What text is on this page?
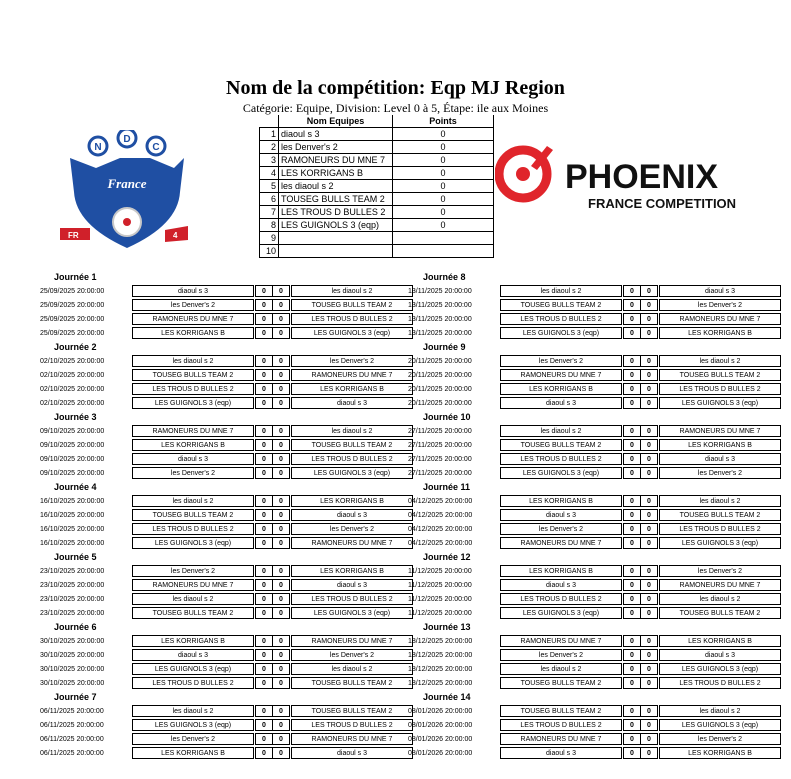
Nom de la compétition: Eqp MJ Region
Catégorie: Equipe, Division: Level 0 à 5, Étape: ile aux Moines
N
D
C
France
FR	4
PHOENIX
FRANCE COMPETITION
	Nom Equipes	Points
1	diaoul s 3	0
2	les Denver's 2	0
3	RAMONEURS DU MNE 7	0
4	LES KORRIGANS B	0
5	les diaoul s 2	0
6	TOUSEG BULLS TEAM 2	0
7	LES TROUS D BULLES 2	0
8	LES GUIGNOLS 3 (eqp)	0
9		
10		
Journée 1
25/09/2025 20:00:00	diaoul s 3	0	0	les diaoul s 2
25/09/2025 20:00:00	les Denver's 2	0	0	TOUSEG BULLS TEAM 2
25/09/2025 20:00:00	RAMONEURS DU MNE 7	0	0	LES TROUS D BULLES 2
25/09/2025 20:00:00	LES KORRIGANS B	0	0	LES GUIGNOLS 3 (eqp)
Journée 2
02/10/2025 20:00:00	les diaoul s 2	0	0	les Denver's 2
02/10/2025 20:00:00	TOUSEG BULLS TEAM 2	0	0	RAMONEURS DU MNE 7
02/10/2025 20:00:00	LES TROUS D BULLES 2	0	0	LES KORRIGANS B
02/10/2025 20:00:00	LES GUIGNOLS 3 (eqp)	0	0	diaoul s 3
Journée 3
09/10/2025 20:00:00	RAMONEURS DU MNE 7	0	0	les diaoul s 2
09/10/2025 20:00:00	LES KORRIGANS B	0	0	TOUSEG BULLS TEAM 2
09/10/2025 20:00:00	diaoul s 3	0	0	LES TROUS D BULLES 2
09/10/2025 20:00:00	les Denver's 2	0	0	LES GUIGNOLS 3 (eqp)
Journée 4
16/10/2025 20:00:00	les diaoul s 2	0	0	LES KORRIGANS B
16/10/2025 20:00:00	TOUSEG BULLS TEAM 2	0	0	diaoul s 3
16/10/2025 20:00:00	LES TROUS D BULLES 2	0	0	les Denver's 2
16/10/2025 20:00:00	LES GUIGNOLS 3 (eqp)	0	0	RAMONEURS DU MNE 7
Journée 5
23/10/2025 20:00:00	les Denver's 2	0	0	LES KORRIGANS B
23/10/2025 20:00:00	RAMONEURS DU MNE 7	0	0	diaoul s 3
23/10/2025 20:00:00	les diaoul s 2	0	0	LES TROUS D BULLES 2
23/10/2025 20:00:00	TOUSEG BULLS TEAM 2	0	0	LES GUIGNOLS 3 (eqp)
Journée 6
30/10/2025 20:00:00	LES KORRIGANS B	0	0	RAMONEURS DU MNE 7
30/10/2025 20:00:00	diaoul s 3	0	0	les Denver's 2
30/10/2025 20:00:00	LES GUIGNOLS 3 (eqp)	0	0	les diaoul s 2
30/10/2025 20:00:00	LES TROUS D BULLES 2	0	0	TOUSEG BULLS TEAM 2
Journée 7
06/11/2025 20:00:00	les diaoul s 2	0	0	TOUSEG BULLS TEAM 2
06/11/2025 20:00:00	LES GUIGNOLS 3 (eqp)	0	0	LES TROUS D BULLES 2
06/11/2025 20:00:00	les Denver's 2	0	0	RAMONEURS DU MNE 7
06/11/2025 20:00:00	LES KORRIGANS B	0	0	diaoul s 3
Journée 8
13/11/2025 20:00:00	les diaoul s 2	0	0	diaoul s 3
13/11/2025 20:00:00	TOUSEG BULLS TEAM 2	0	0	les Denver's 2
13/11/2025 20:00:00	LES TROUS D BULLES 2	0	0	RAMONEURS DU MNE 7
13/11/2025 20:00:00	LES GUIGNOLS 3 (eqp)	0	0	LES KORRIGANS B
Journée 9
20/11/2025 20:00:00	les Denver's 2	0	0	les diaoul s 2
20/11/2025 20:00:00	RAMONEURS DU MNE 7	0	0	TOUSEG BULLS TEAM 2
20/11/2025 20:00:00	LES KORRIGANS B	0	0	LES TROUS D BULLES 2
20/11/2025 20:00:00	diaoul s 3	0	0	LES GUIGNOLS 3 (eqp)
Journée 10
27/11/2025 20:00:00	les diaoul s 2	0	0	RAMONEURS DU MNE 7
27/11/2025 20:00:00	TOUSEG BULLS TEAM 2	0	0	LES KORRIGANS B
27/11/2025 20:00:00	LES TROUS D BULLES 2	0	0	diaoul s 3
27/11/2025 20:00:00	LES GUIGNOLS 3 (eqp)	0	0	les Denver's 2
Journée 11
04/12/2025 20:00:00	LES KORRIGANS B	0	0	les diaoul s 2
04/12/2025 20:00:00	diaoul s 3	0	0	TOUSEG BULLS TEAM 2
04/12/2025 20:00:00	les Denver's 2	0	0	LES TROUS D BULLES 2
04/12/2025 20:00:00	RAMONEURS DU MNE 7	0	0	LES GUIGNOLS 3 (eqp)
Journée 12
11/12/2025 20:00:00	LES KORRIGANS B	0	0	les Denver's 2
11/12/2025 20:00:00	diaoul s 3	0	0	RAMONEURS DU MNE 7
11/12/2025 20:00:00	LES TROUS D BULLES 2	0	0	les diaoul s 2
11/12/2025 20:00:00	LES GUIGNOLS 3 (eqp)	0	0	TOUSEG BULLS TEAM 2
Journée 13
18/12/2025 20:00:00	RAMONEURS DU MNE 7	0	0	LES KORRIGANS B
18/12/2025 20:00:00	les Denver's 2	0	0	diaoul s 3
18/12/2025 20:00:00	les diaoul s 2	0	0	LES GUIGNOLS 3 (eqp)
18/12/2025 20:00:00	TOUSEG BULLS TEAM 2	0	0	LES TROUS D BULLES 2
Journée 14
08/01/2026 20:00:00	TOUSEG BULLS TEAM 2	0	0	les diaoul s 2
08/01/2026 20:00:00	LES TROUS D BULLES 2	0	0	LES GUIGNOLS 3 (eqp)
08/01/2026 20:00:00	RAMONEURS DU MNE 7	0	0	les Denver's 2
08/01/2026 20:00:00	diaoul s 3	0	0	LES KORRIGANS B
